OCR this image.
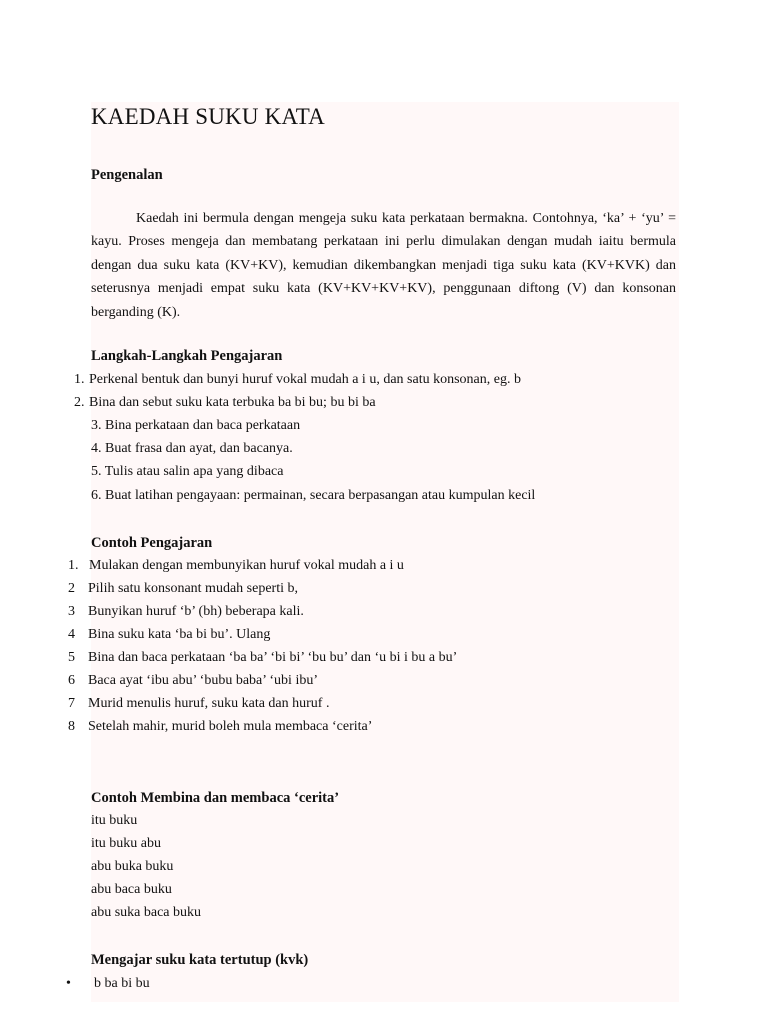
KAEDAH SUKU KATA
Pengenalan
Kaedah ini bermula dengan mengeja suku kata perkataan bermakna. Contohnya, ‘ka’ + ‘yu’ = kayu. Proses mengeja dan membatang perkataan ini perlu dimulakan dengan mudah iaitu bermula dengan dua suku kata (KV+KV), kemudian dikembangkan menjadi tiga suku kata (KV+KVK) dan seterusnya menjadi empat suku kata (KV+KV+KV+KV), penggunaan diftong (V) dan konsonan berganding (K).
Langkah-Langkah Pengajaran
1. Perkenal bentuk dan bunyi huruf vokal mudah a i u, dan satu konsonan, eg. b
2. Bina dan sebut suku kata terbuka ba bi bu; bu bi ba
3. Bina perkataan dan baca perkataan
4. Buat frasa dan ayat, dan bacanya.
5. Tulis atau salin apa yang dibaca
6. Buat latihan pengayaan: permainan, secara berpasangan atau kumpulan kecil
Contoh Pengajaran
1. Mulakan dengan membunyikan huruf vokal mudah a i u
2 Pilih satu konsonant mudah seperti b,
3 Bunyikan huruf ‘b’ (bh) beberapa kali.
4 Bina suku kata ‘ba bi bu’. Ulang
5 Bina dan baca perkataan ‘ba ba’ ‘bi bi’ ‘bu bu’ dan ‘u bi i bu a bu’
6 Baca ayat ‘ibu abu’ ‘bubu baba’ ‘ubi ibu’
7 Murid menulis huruf, suku kata dan huruf .
8 Setelah mahir, murid boleh mula membaca ‘cerita’
Contoh Membina dan membaca ‘cerita’
itu buku
itu buku abu
abu buka buku
abu baca buku
abu suka baca buku
Mengajar suku kata tertutup (kvk)
• b ba bi bu
